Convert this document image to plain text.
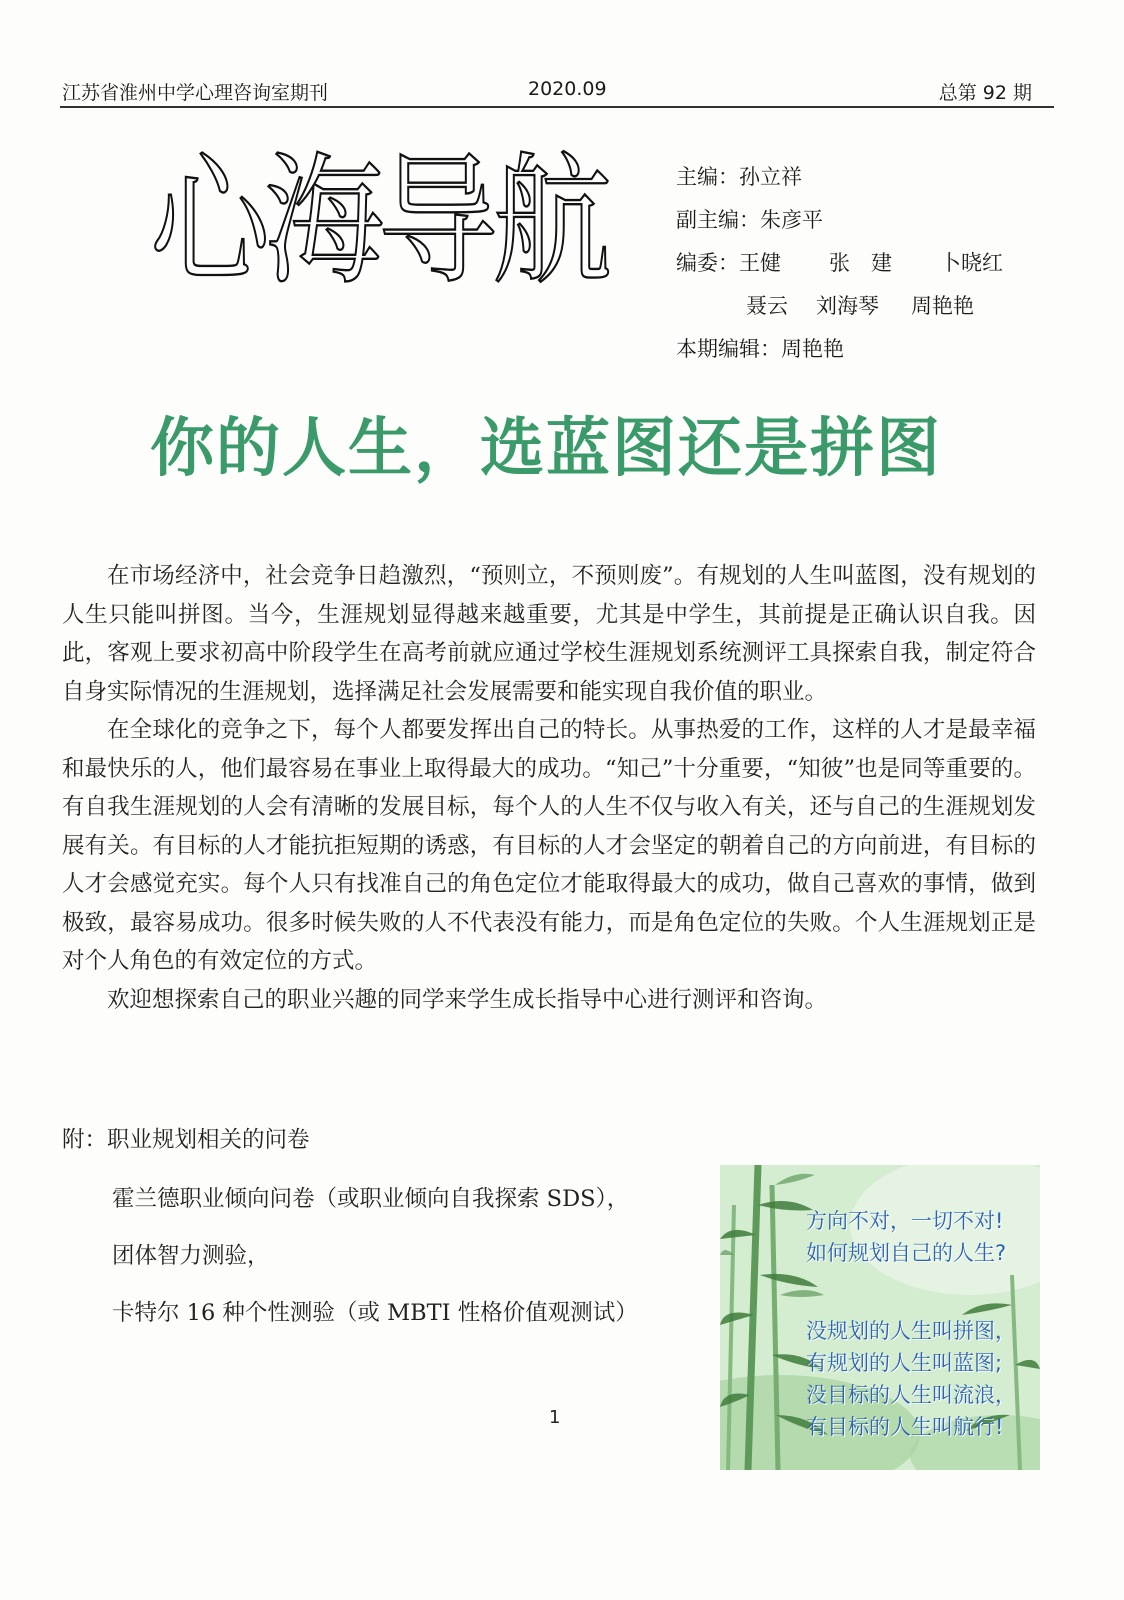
江苏省淮州中学心理咨询室期刊	2020.09	总第 92 期
心海导航	主编：孙立祥
副主编：朱彦平
编委：王健 张　建 卜晓红
聂云 刘海琴 周艳艳
本期编辑：周艳艳
你的人生，选蓝图还是拼图

在市场经济中，社会竞争日趋激烈，“预则立，不预则废”。有规划的人生叫蓝图，没有规划的人生只能叫拼图。当今，生涯规划显得越来越重要，尤其是中学生，其前提是正确认识自我。因此，客观上要求初高中阶段学生在高考前就应通过学校生涯规划系统测评工具探索自我，制定符合自身实际情况的生涯规划，选择满足社会发展需要和能实现自我价值的职业。

在全球化的竞争之下，每个人都要发挥出自己的特长。从事热爱的工作，这样的人才是最幸福和最快乐的人，他们最容易在事业上取得最大的成功。“知己”十分重要，“知彼”也是同等重要的。有自我生涯规划的人会有清晰的发展目标，每个人的人生不仅与收入有关，还与自己的生涯规划发展有关。有目标的人才能抗拒短期的诱惑，有目标的人才会坚定的朝着自己的方向前进，有目标的人才会感觉充实。每个人只有找准自己的角色定位才能取得最大的成功，做自己喜欢的事情，做到极致，最容易成功。很多时候失败的人不代表没有能力，而是角色定位的失败。个人生涯规划正是对个人角色的有效定位的方式。

欢迎想探索自己的职业兴趣的同学来学生成长指导中心进行测评和咨询。

附：职业规划相关的问卷
霍兰德职业倾向问卷（或职业倾向自我探索 SDS），
团体智力测验，
卡特尔 16 种个性测验（或 MBTI 性格价值观测试）
1
方向不对，一切不对!
如何规划自己的人生?
没规划的人生叫拼图，
有规划的人生叫蓝图;
没目标的人生叫流浪，
有目标的人生叫航行!
